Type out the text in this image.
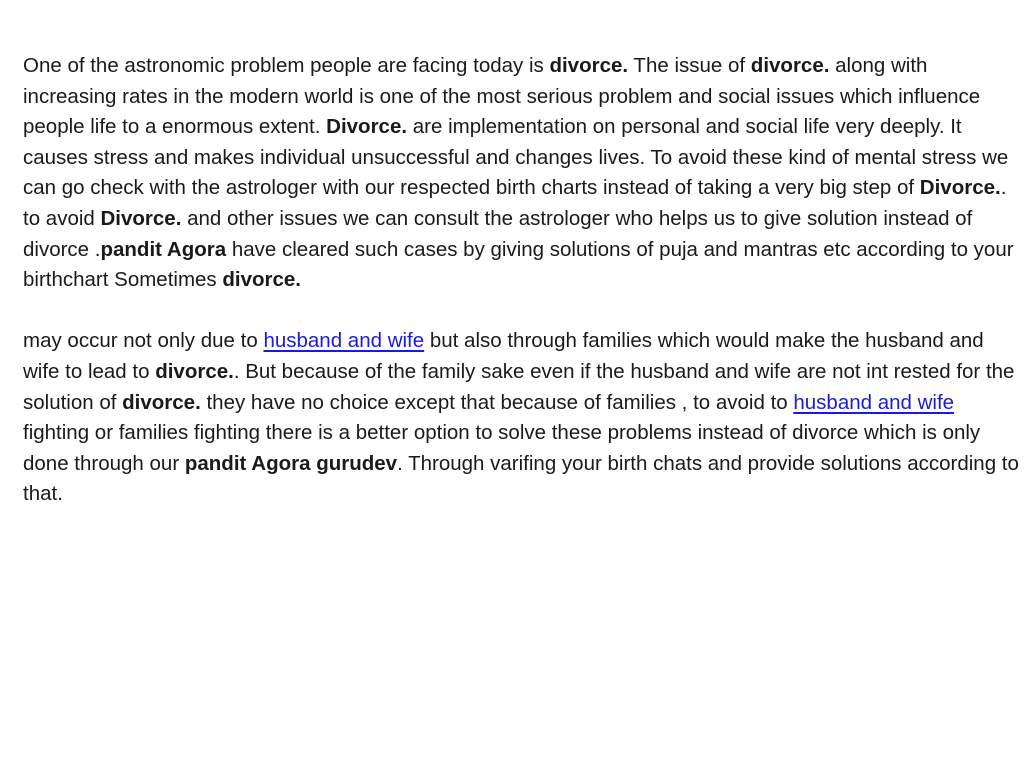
One of the astronomic problem people are facing today is divorce. The issue of divorce. along with increasing rates in the modern world is one of the most serious problem and social issues which influence people life to a enormous extent. Divorce. are implementation on personal and social life very deeply. It causes stress and makes individual unsuccessful and changes lives. To avoid these kind of mental stress we can go check with the astrologer with our respected birth charts instead of taking a very big step of Divorce.. to avoid Divorce. and other issues we can consult the astrologer who helps us to give solution instead of divorce .pandit Agora have cleared such cases by giving solutions of puja and mantras etc according to your birthchart Sometimes divorce.

may occur not only due to husband and wife but also through families which would make the husband and wife to lead to divorce.. But because of the family sake even if the husband and wife are not int rested for the solution of divorce. they have no choice except that because of families , to avoid to husband and wife fighting or families fighting there is a better option to solve these problems instead of divorce which is only done through our pandit Agora gurudev. Through varifing your birth chats and provide solutions according to that.
